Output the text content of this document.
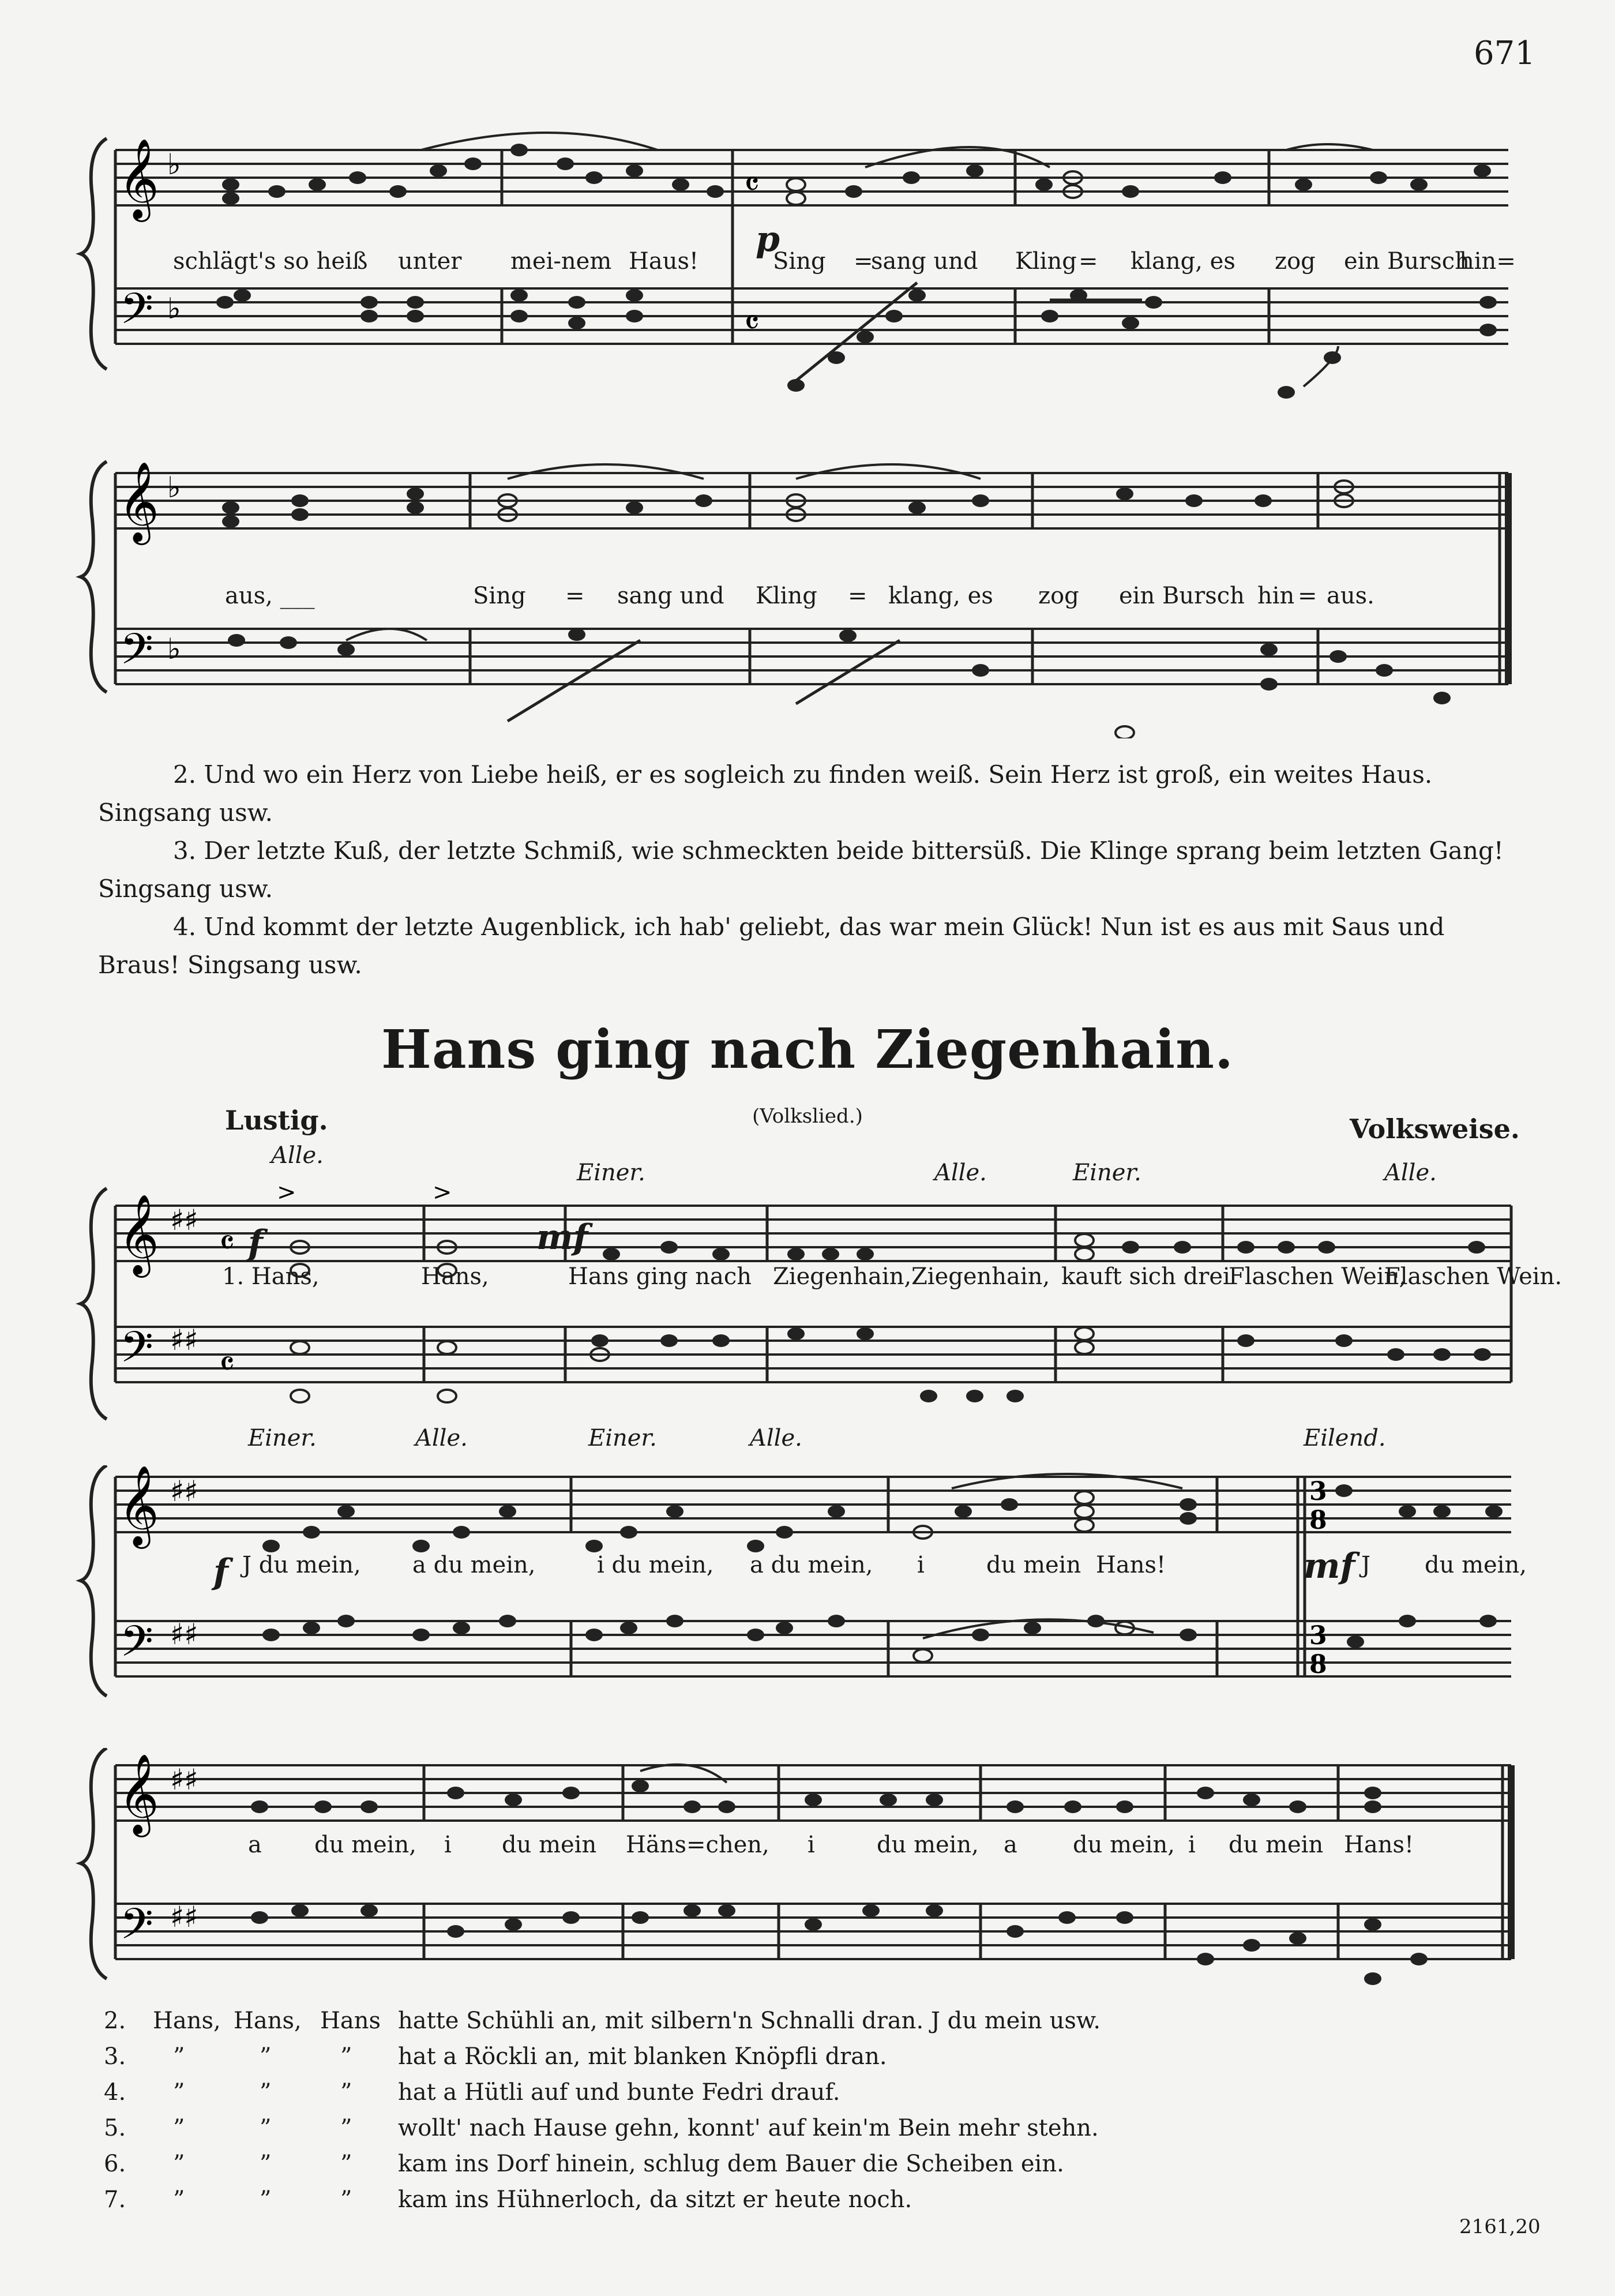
671
𝄞
𝄢
♭
♭
𝄴
𝄴
schlägt's so heiß unter mei-nem Haus!	Sing =
sang und Kling = klang, es zog ein Bursch
hin=
p
𝄞
𝄢
♭
♭
aus, ___	Sing = sang und Kling = klang, es zog ein Bursch hin = aus.

2. Und wo ein Herz von Liebe heiß, er es sogleich zu finden weiß. Sein Herz ist groß, ein weites Haus. Singsang usw.

3. Der letzte Kuß, der letzte Schmiß, wie schmeckten beide bittersüß. Die Klinge sprang beim letzten Gang! Singsang usw.

4. Und kommt der letzte Augenblick, ich hab' geliebt, das war mein Glück! Nun ist es aus mit Saus und Braus! Singsang usw.

Hans ging nach Ziegenhain.
(Volkslied.)
Lustig.	Volksweise.
𝄞
𝄢
♯♯
♯♯
𝄴
𝄴
>	>
Alle.
Einer.	Alle.	Einer.	Alle.
f	mf
1. Hans,	Hans,	Hans ging nach Ziegenhain, Ziegenhain, kauft sich drei
Flaschen Wein,
Flaschen Wein.
𝄞
𝄢
♯♯
♯♯
3
8
3
8
Einer.	Alle.	Einer.	Alle.	Eilend.
f	mf
J du mein, a du mein,	i du mein, a du mein, i	du mein Hans!	J du mein,
𝄞
𝄢
♯♯
♯♯
a du mein, i du mein Häns=chen, i	du mein, a du mein, i du mein Hans!
2. Hans, Hans, Hans hatte Schühli an, mit silbern'n Schnalli dran. J du mein usw.
3. ”	”	” hat a Röckli an, mit blanken Knöpfli dran.
4. ”	”	” hat a Hütli auf und bunte Fedri drauf.
5. ”	”	” wollt' nach Hause gehn, konnt' auf kein'm Bein mehr stehn.
6. ”	”	” kam ins Dorf hinein, schlug dem Bauer die Scheiben ein.
7. ”	”	” kam ins Hühnerloch, da sitzt er heute noch.
2161,20
